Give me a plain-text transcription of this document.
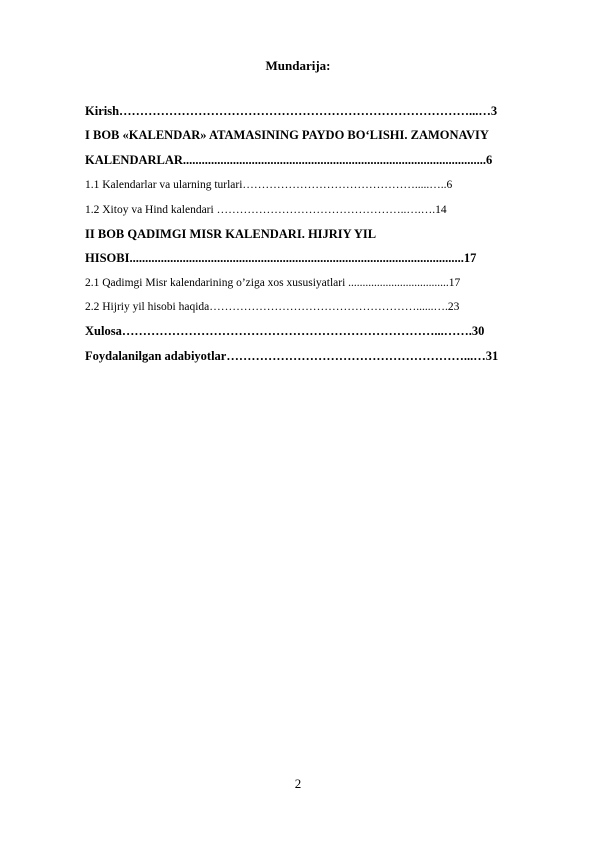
Mundarija:
Kirish…………………………………………………………………………...…3
I BOB «KALENDAR» ATAMASINING PAYDO BO‘LISHI. ZAMONAVIY
KALENDARLAR.................................................................................................6
1.1 Kalendarlar va ularning turlari……………………………………….....…..6
1.2 Xitoy va Hind kalendari …………………………………………..….….14
II BOB QADIMGI MISR KALENDARI. HIJRIY YIL
HISOBI...........................................................................................................17
2.1 Qadimgi Misr kalendarining o’ziga xos xususiyatlari ...................................17
2.2 Hijriy yil hisobi haqida………………………………………………......….23
Xulosa…………………………………………………………………...…….30
Foydalanilgan adabiyotlar…………………………………………………...…31
2
